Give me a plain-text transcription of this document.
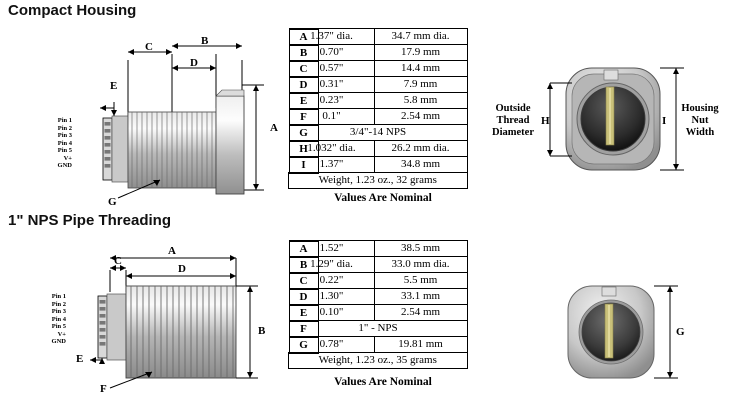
Compact Housing
Pin 1
Pin 2
Pin 3
Pin 4
Pin 5
V+
GND
C	B
D
A
E
G
A 1.37" dia.	34.7 mm dia.

B	0.70"	17.9 mm

C	0.57"	14.4 mm

D	0.31"	7.9 mm

E	0.23"	5.8 mm

F	0.1"	2.54 mm

G	3/4"-14 NPS	

H 1.032" dia.	26.2 mm dia.

I	1.37"	34.8 mm
Weight, 1.23 oz., 32 grams	
Values Are Nominal
Outside
Thread
Diameter
H	I
Housing
Nut
Width
1" NPS Pipe Threading
Pin 1
Pin 2
Pin 3
Pin 4
Pin 5
V+
GND
A
C
D
B
E
F
A	1.52"	38.5 mm

B 1.29" dia.	33.0 mm dia.

C	0.22"	5.5 mm

D	1.30"	33.1 mm

E	0.10"	2.54 mm

F	1" - NPS	

G	0.78"	19.81 mm
Weight, 1.23 oz., 35 grams	
Values Are Nominal
G
